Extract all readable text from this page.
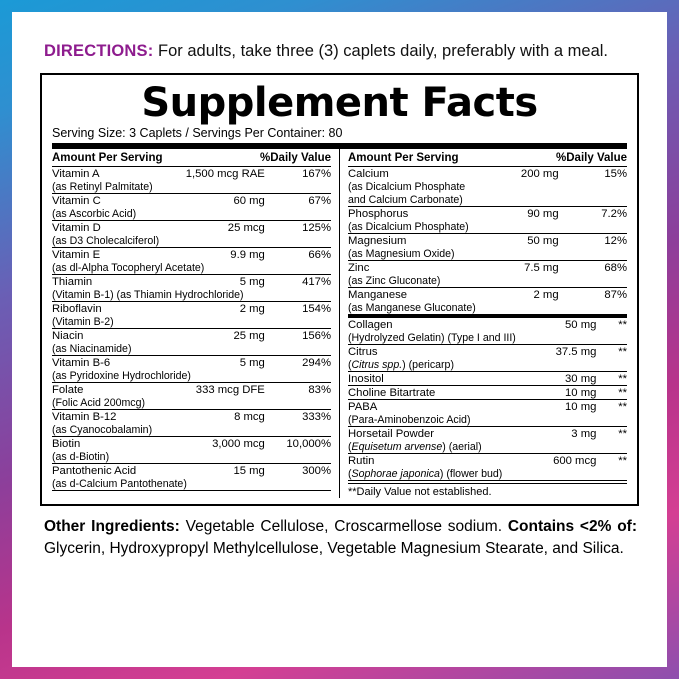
DIRECTIONS: For adults, take three (3) caplets daily, preferably with a meal.

Supplement Facts
Serving Size: 3 Caplets / Servings Per Container: 80
Amount Per Serving	%Daily Value
Vitamin A	1,500 mcg RAE	167%
(as Retinyl Palmitate)		
Vitamin C	60 mg	67%
(as Ascorbic Acid)		
Vitamin D	25 mcg	125%
(as D3 Cholecalciferol)		
Vitamin E	9.9 mg	66%
(as dl-Alpha Tocopheryl Acetate)		
Thiamin	5 mg	417%
(Vitamin B-1) (as Thiamin Hydrochloride)		
Riboflavin	2 mg	154%
(Vitamin B-2)		
Niacin	25 mg	156%
(as Niacinamide)		
Vitamin B-6	5 mg	294%
(as Pyridoxine Hydrochloride)		
Folate	333 mcg DFE	83%
(Folic Acid 200mcg)		
Vitamin B-12	8 mcg	333%
(as Cyanocobalamin)		
Biotin	3,000 mcg	10,000%
(as d-Biotin)		
Pantothenic Acid	15 mg	300%
(as d-Calcium Pantothenate)		
Amount Per Serving	%Daily Value
Calcium	200 mg	15%
(as Dicalcium Phosphate		
and Calcium Carbonate)		
Phosphorus	90 mg	7.2%
(as Dicalcium Phosphate)		
Magnesium	50 mg	12%
(as Magnesium Oxide)		
Zinc	7.5 mg	68%
(as Zinc Gluconate)		
Manganese	2 mg	87%
(as Manganese Gluconate)		
Collagen	50 mg	**
(Hydrolyzed Gelatin) (Type I and III)		
Citrus	37.5 mg	**
(Citrus spp.) (pericarp)		
Inositol	30 mg	**
Choline Bitartrate	10 mg	**
PABA	10 mg	**
(Para-Aminobenzoic Acid)		
Horsetail Powder	3 mg	**
(Equisetum arvense) (aerial)		
Rutin	600 mcg	**
(Sophorae japonica) (flower bud)		
**Daily Value not established.

Other Ingredients: Vegetable Cellulose, Croscarmellose sodium. Contains <2% of: Glycerin, Hydroxypropyl Methylcellulose, Vegetable Magnesium Stearate, and Silica.
